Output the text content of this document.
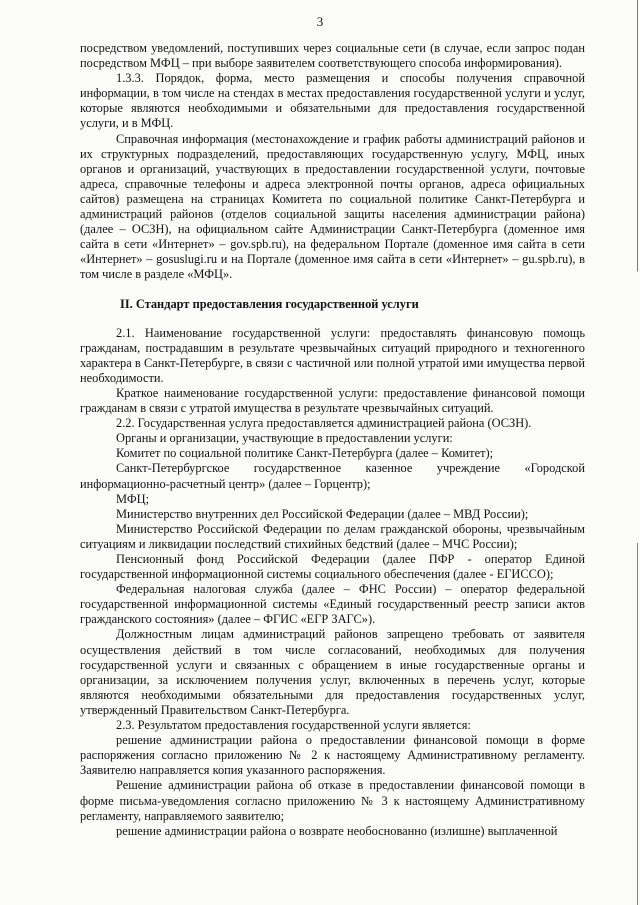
3

посредством уведомлений, поступивших через социальные сети (в случае, если запрос подан посредством МФЦ – при выборе заявителем соответствующего способа информирования).

1.3.3. Порядок, форма, место размещения и способы получения справочной информации, в том числе на стендах в местах предоставления государственной услуги и услуг, которые являются необходимыми и обязательными для предоставления государственной услуги, и в МФЦ.

Справочная информация (местонахождение и график работы администраций районов и их структурных подразделений, предоставляющих государственную услугу, МФЦ, иных органов и организаций, участвующих в предоставлении государственной услуги, почтовые адреса, справочные телефоны и адреса электронной почты органов, адреса официальных сайтов) размещена на страницах Комитета по социальной политике Санкт-Петербурга и администраций районов (отделов социальной защиты населения администрации района) (далее – ОСЗН), на официальном сайте Администрации Санкт-Петербурга (доменное имя сайта в сети «Интернет» – gov.spb.ru), на федеральном Портале (доменное имя сайта в сети «Интернет» – gosuslugi.ru и на Портале (доменное имя сайта в сети «Интернет» – gu.spb.ru), в том числе в разделе «МФЦ».

II. Стандарт предоставления государственной услуги

2.1. Наименование государственной услуги: предоставлять финансовую помощь гражданам, пострадавшим в результате чрезвычайных ситуаций природного и техногенного характера в Санкт-Петербурге, в связи с частичной или полной утратой ими имущества первой необходимости.

Краткое наименование государственной услуги: предоставление финансовой помощи гражданам в связи с утратой имущества в результате чрезвычайных ситуаций.

2.2. Государственная услуга предоставляется администрацией района (ОСЗН).

Органы и организации, участвующие в предоставлении услуги:

Комитет по социальной политике Санкт-Петербурга (далее – Комитет);

Санкт-Петербургское государственное казенное учреждение «Городской информационно-расчетный центр» (далее – Горцентр);

МФЦ;

Министерство внутренних дел Российской Федерации (далее – МВД России);

Министерство Российской Федерации по делам гражданской обороны, чрезвычайным ситуациям и ликвидации последствий стихийных бедствий (далее – МЧС России);

Пенсионный фонд Российской Федерации (далее ПФР - оператор Единой государственной информационной системы социального обеспечения (далее - ЕГИССО);

Федеральная налоговая служба (далее – ФНС России) – оператор федеральной государственной информационной системы «Единый государственный реестр записи актов гражданского состояния» (далее – ФГИС «ЕГР ЗАГС»).

Должностным лицам администраций районов запрещено требовать от заявителя осуществления действий в том числе согласований, необходимых для получения государственной услуги и связанных с обращением в иные государственные органы и организации, за исключением получения услуг, включенных в перечень услуг, которые являются необходимыми обязательными для предоставления государственных услуг, утвержденный Правительством Санкт-Петербурга.

2.3. Результатом предоставления государственной услуги является:

решение администрации района о предоставлении финансовой помощи в форме распоряжения согласно приложению № 2 к настоящему Административному регламенту. Заявителю направляется копия указанного распоряжения.

Решение администрации района об отказе в предоставлении финансовой помощи в форме письма-уведомления согласно приложению № 3 к настоящему Административному регламенту, направляемого заявителю;

решение администрации района о возврате необоснованно (излишне) выплаченной
